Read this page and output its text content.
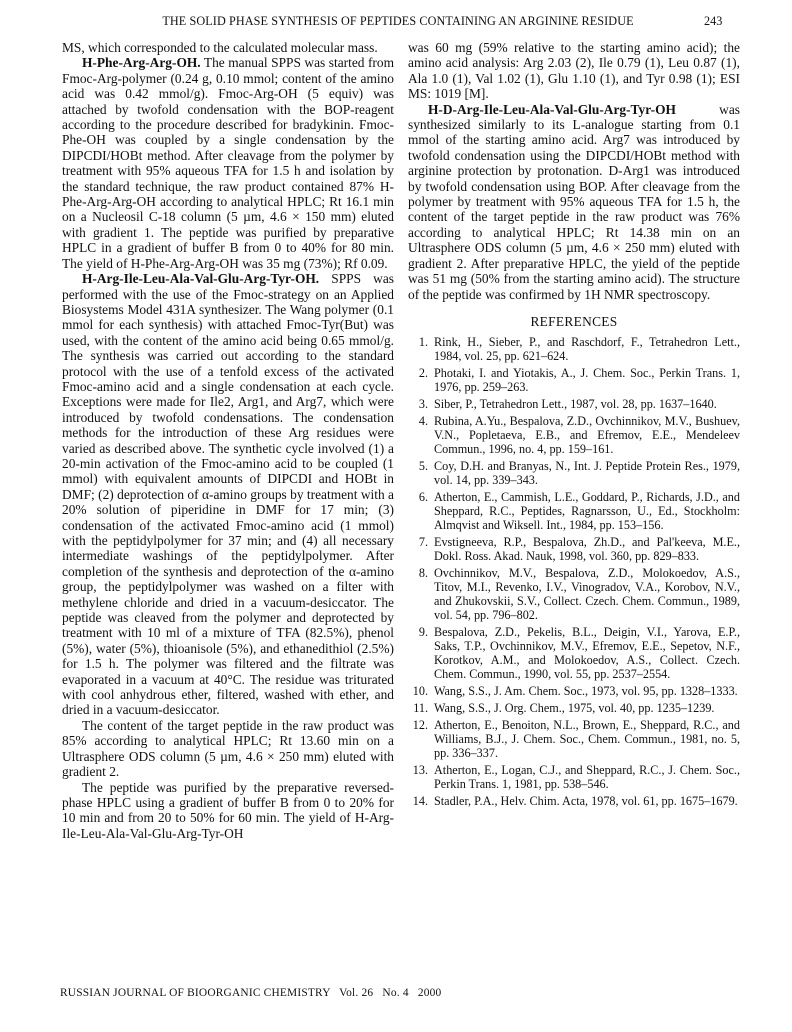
THE SOLID PHASE SYNTHESIS OF PEPTIDES CONTAINING AN ARGININE RESIDUE	243

MS, which corresponded to the calculated molecular mass.

H-Phe-Arg-Arg-OH. The manual SPPS was started from Fmoc-Arg-polymer (0.24 g, 0.10 mmol; content of the amino acid was 0.42 mmol/g). Fmoc-Arg-OH (5 equiv) was attached by twofold condensation with the BOP-reagent according to the procedure described for bradykinin. Fmoc-Phe-OH was coupled by a single condensation by the DIPCDI/HOBt method. After cleavage from the polymer by treatment with 95% aqueous TFA for 1.5 h and isolation by the standard technique, the raw product contained 87% H-Phe-Arg-Arg-OH according to analytical HPLC; Rt 16.1 min on a Nucleosil C-18 column (5 µm, 4.6 × 150 mm) eluted with gradient 1. The peptide was purified by preparative HPLC in a gradient of buffer B from 0 to 40% for 80 min. The yield of H-Phe-Arg-Arg-OH was 35 mg (73%); Rf 0.09.

H-Arg-Ile-Leu-Ala-Val-Glu-Arg-Tyr-OH. SPPS was performed with the use of the Fmoc-strategy on an Applied Biosystems Model 431A synthesizer. The Wang polymer (0.1 mmol for each synthesis) with attached Fmoc-Tyr(But) was used, with the content of the amino acid being 0.65 mmol/g. The synthesis was carried out according to the standard protocol with the use of a tenfold excess of the activated Fmoc-amino acid and a single condensation at each cycle. Exceptions were made for Ile2, Arg1, and Arg7, which were introduced by twofold condensations. The condensation methods for the introduction of these Arg residues were varied as described above. The synthetic cycle involved (1) a 20-min activation of the Fmoc-amino acid to be coupled (1 mmol) with equivalent amounts of DIPCDI and HOBt in DMF; (2) deprotection of α-amino groups by treatment with a 20% solution of piperidine in DMF for 17 min; (3) condensation of the activated Fmoc-amino acid (1 mmol) with the peptidylpolymer for 37 min; and (4) all necessary intermediate washings of the peptidylpolymer. After completion of the synthesis and deprotection of the α-amino group, the peptidylpolymer was washed on a filter with methylene chloride and dried in a vacuum-desiccator. The peptide was cleaved from the polymer and deprotected by treatment with 10 ml of a mixture of TFA (82.5%), phenol (5%), water (5%), thioanisole (5%), and ethanedithiol (2.5%) for 1.5 h. The polymer was filtered and the filtrate was evaporated in a vacuum at 40°C. The residue was triturated with cool anhydrous ether, filtered, washed with ether, and dried in a vacuum-desiccator.

The content of the target peptide in the raw product was 85% according to analytical HPLC; Rt 13.60 min on a Ultrasphere ODS column (5 µm, 4.6 × 250 mm) eluted with gradient 2.

The peptide was purified by the preparative reversed-phase HPLC using a gradient of buffer B from 0 to 20% for 10 min and from 20 to 50% for 60 min. The yield of H-Arg-Ile-Leu-Ala-Val-Glu-Arg-Tyr-OH

was 60 mg (59% relative to the starting amino acid); the amino acid analysis: Arg 2.03 (2), Ile 0.79 (1), Leu 0.87 (1), Ala 1.0 (1), Val 1.02 (1), Glu 1.10 (1), and Tyr 0.98 (1); ESI MS: 1019 [M].

H-D-Arg-Ile-Leu-Ala-Val-Glu-Arg-Tyr-OH was synthesized similarly to its L-analogue starting from 0.1 mmol of the starting amino acid. Arg7 was introduced by twofold condensation using the DIPCDI/HOBt method with arginine protection by protonation. D-Arg1 was introduced by twofold condensation using BOP. After cleavage from the polymer by treatment with 95% aqueous TFA for 1.5 h, the content of the target peptide in the raw product was 76% according to analytical HPLC; Rt 14.38 min on an Ultrasphere ODS column (5 µm, 4.6 × 250 mm) eluted with gradient 2. After preparative HPLC, the yield of the peptide was 51 mg (50% from the starting amino acid). The structure of the peptide was confirmed by 1H NMR spectroscopy.

REFERENCES
1. Rink, H., Sieber, P., and Raschdorf, F., Tetrahedron Lett., 1984, vol. 25, pp. 621–624.
2. Photaki, I. and Yiotakis, A., J. Chem. Soc., Perkin Trans. 1, 1976, pp. 259–263.
3. Siber, P., Tetrahedron Lett., 1987, vol. 28, pp. 1637–1640.
4. Rubina, A.Yu., Bespalova, Z.D., Ovchinnikov, M.V., Bushuev, V.N., Popletaeva, E.B., and Efremov, E.E., Mendeleev Commun., 1996, no. 4, pp. 159–161.
5. Coy, D.H. and Branyas, N., Int. J. Peptide Protein Res., 1979, vol. 14, pp. 339–343.
6. Atherton, E., Cammish, L.E., Goddard, P., Richards, J.D., and Sheppard, R.C., Peptides, Ragnarsson, U., Ed., Stockholm: Almqvist and Wiksell. Int., 1984, pp. 153–156.
7. Evstigneeva, R.P., Bespalova, Zh.D., and Pal'keeva, M.E., Dokl. Ross. Akad. Nauk, 1998, vol. 360, pp. 829–833.
8. Ovchinnikov, M.V., Bespalova, Z.D., Molokoedov, A.S., Titov, M.I., Revenko, I.V., Vinogradov, V.A., Korobov, N.V., and Zhukovskii, S.V., Collect. Czech. Chem. Commun., 1989, vol. 54, pp. 796–802.
9. Bespalova, Z.D., Pekelis, B.L., Deigin, V.I., Yarova, E.P., Saks, T.P., Ovchinnikov, M.V., Efremov, E.E., Sepetov, N.F., Korotkov, A.M., and Molokoedov, A.S., Collect. Czech. Chem. Commun., 1990, vol. 55, pp. 2537–2554.
10. Wang, S.S., J. Am. Chem. Soc., 1973, vol. 95, pp. 1328–1333.
11. Wang, S.S., J. Org. Chem., 1975, vol. 40, pp. 1235–1239.
12. Atherton, E., Benoiton, N.L., Brown, E., Sheppard, R.C., and Williams, B.J., J. Chem. Soc., Chem. Commun., 1981, no. 5, pp. 336–337.
13. Atherton, E., Logan, C.J., and Sheppard, R.C., J. Chem. Soc., Perkin Trans. 1, 1981, pp. 538–546.
14. Stadler, P.A., Helv. Chim. Acta, 1978, vol. 61, pp. 1675–1679.
RUSSIAN JOURNAL OF BIOORGANIC CHEMISTRY   Vol. 26   No. 4   2000
